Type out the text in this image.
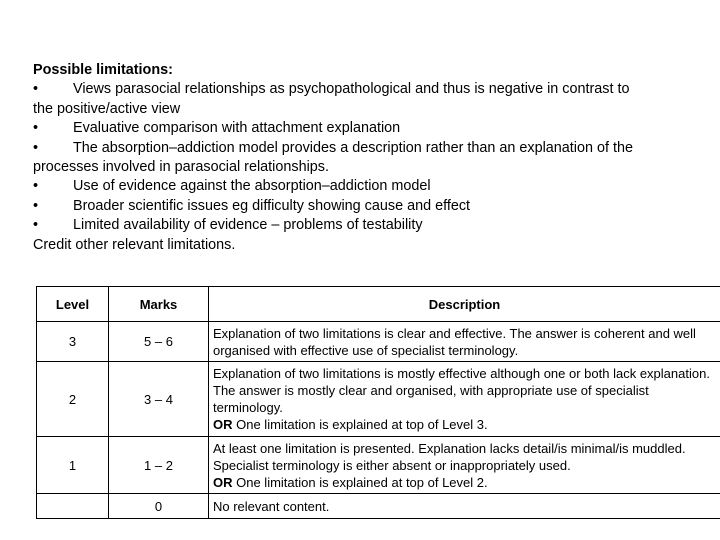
Possible limitations:
• Views parasocial relationships as psychopathological and thus is negative in contrast to
the positive/active view
• Evaluative comparison with attachment explanation
• The absorption–addiction model provides a description rather than an explanation of the
processes involved in parasocial relationships.
• Use of evidence against the absorption–addiction model
• Broader scientific issues eg difficulty showing cause and effect
• Limited availability of evidence – problems of testability
Credit other relevant limitations.
Level	Marks	Description
3	5 – 6	Explanation of two limitations is clear and effective. The answer is coherent and well organised with effective use of specialist terminology.
2	3 – 4	Explanation of two limitations is mostly effective although one or both lack explanation. The answer is mostly clear and organised, with appropriate use of specialist terminology.
OR One limitation is explained at top of Level 3.
1	1 – 2	At least one limitation is presented. Explanation lacks detail/is minimal/is muddled. Specialist terminology is either absent or inappropriately used.
OR One limitation is explained at top of Level 2.
	0	No relevant content.
